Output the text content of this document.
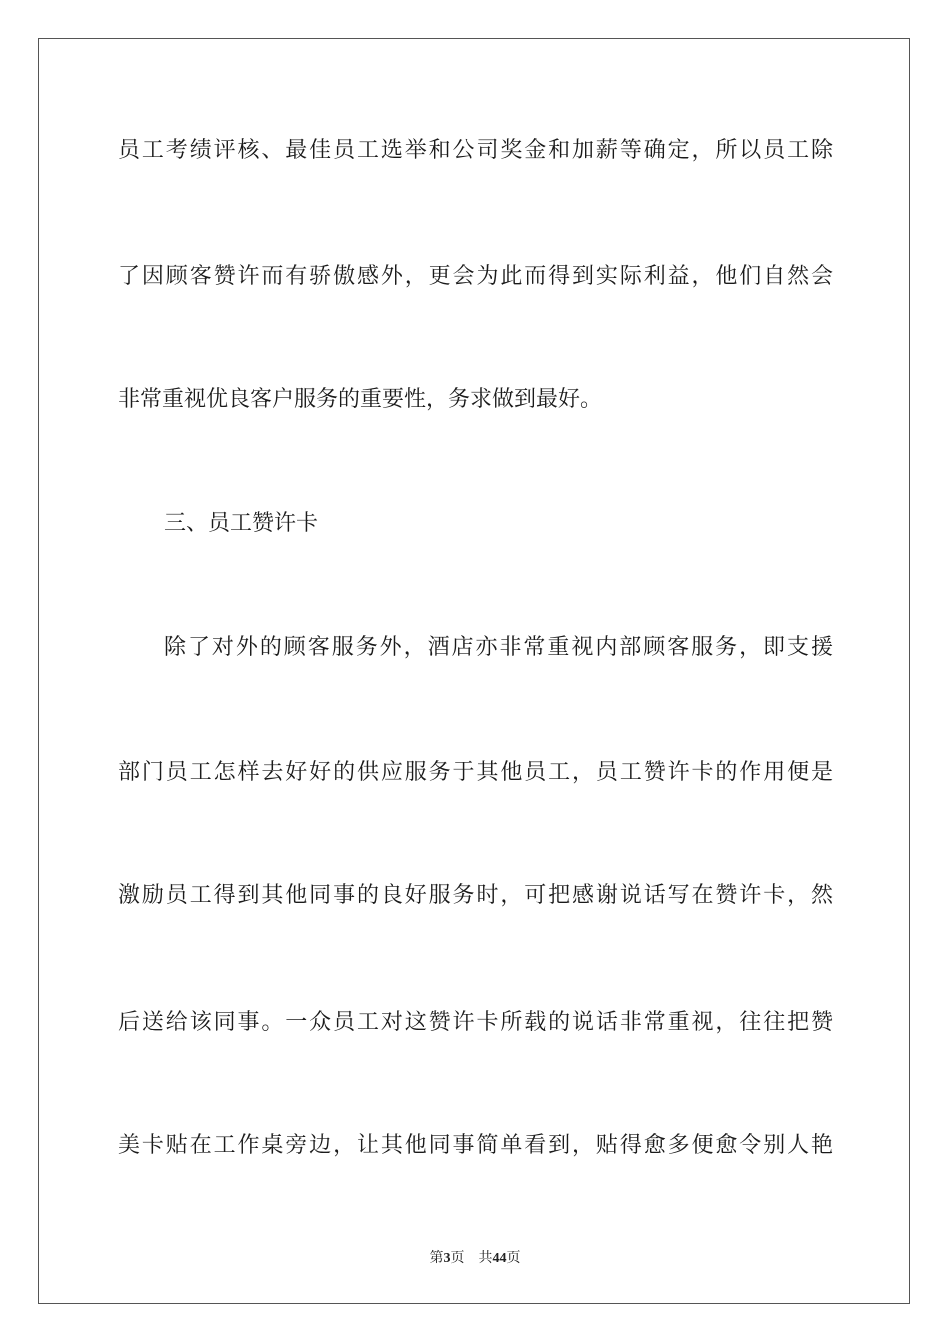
员工考绩评核、最佳员工选举和公司奖金和加薪等确定，所以员工除
了因顾客赞许而有骄傲感外，更会为此而得到实际利益，他们自然会
非常重视优良客户服务的重要性，务求做到最好。
三、员工赞许卡
除了对外的顾客服务外，酒店亦非常重视内部顾客服务，即支援
部门员工怎样去好好的供应服务于其他员工，员工赞许卡的作用便是
激励员工得到其他同事的良好服务时，可把感谢说话写在赞许卡，然
后送给该同事。一众员工对这赞许卡所载的说话非常重视，往往把赞
美卡贴在工作桌旁边，让其他同事简单看到，贴得愈多便愈令别人艳
第3页 共44页
